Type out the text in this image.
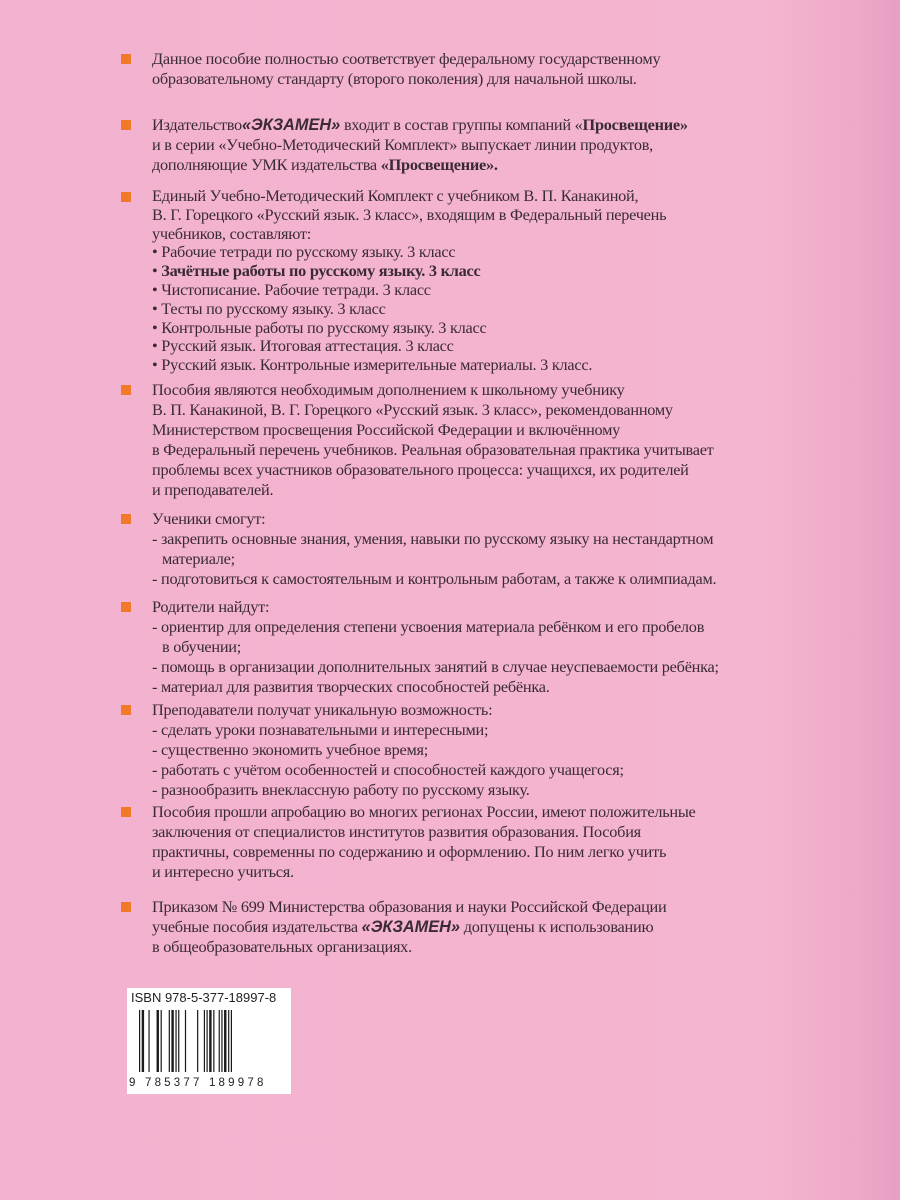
Данное пособие полностью соответствует федеральному государственному
образовательному стандарту (второго поколения) для начальной школы.
Издательство«ЭКЗАМЕН» входит в состав группы компаний «Просвещение»
и в серии «Учебно-Методический Комплект» выпускает линии продуктов,
дополняющие УМК издательства «Просвещение».
Единый Учебно-Методический Комплект с учебником В. П. Канакиной,
В. Г. Горецкого «Русский язык. 3 класс», входящим в Федеральный перечень
учебников, составляют:
• Рабочие тетради по русскому языку. 3 класс
• Зачётные работы по русскому языку. 3 класс
• Чистописание. Рабочие тетради. 3 класс
• Тесты по русскому языку. 3 класс
• Контрольные работы по русскому языку. 3 класс
• Русский язык. Итоговая аттестация. 3 класс
• Русский язык. Контрольные измерительные материалы. 3 класс.
Пособия являются необходимым дополнением к школьному учебнику
В. П. Канакиной, В. Г. Горецкого «Русский язык. 3 класс», рекомендованному
Министерством просвещения Российской Федерации и включённому
в Федеральный перечень учебников. Реальная образовательная практика учитывает
проблемы всех участников образовательного процесса: учащихся, их родителей
и преподавателей.
Ученики смогут:
- закрепить основные знания, умения, навыки по русскому языку на нестандартном
материале;
- подготовиться к самостоятельным и контрольным работам, а также к олимпиадам.
Родители найдут:
- ориентир для определения степени усвоения материала ребёнком и его пробелов
в обучении;
- помощь в организации дополнительных занятий в случае неуспеваемости ребёнка;
- материал для развития творческих способностей ребёнка.
Преподаватели получат уникальную возможность:
- сделать уроки познавательными и интересными;
- существенно экономить учебное время;
- работать с учётом особенностей и способностей каждого учащегося;
- разнообразить внеклассную работу по русскому языку.
Пособия прошли апробацию во многих регионах России, имеют положительные
заключения от специалистов институтов развития образования. Пособия
практичны, современны по содержанию и оформлению. По ним легко учить
и интересно учиться.
Приказом № 699 Министерства образования и науки Российской Федерации
учебные пособия издательства «ЭКЗАМЕН» допущены к использованию
в общеобразовательных организациях.
ISBN 978-5-377-18997-8
9 785377 189978
